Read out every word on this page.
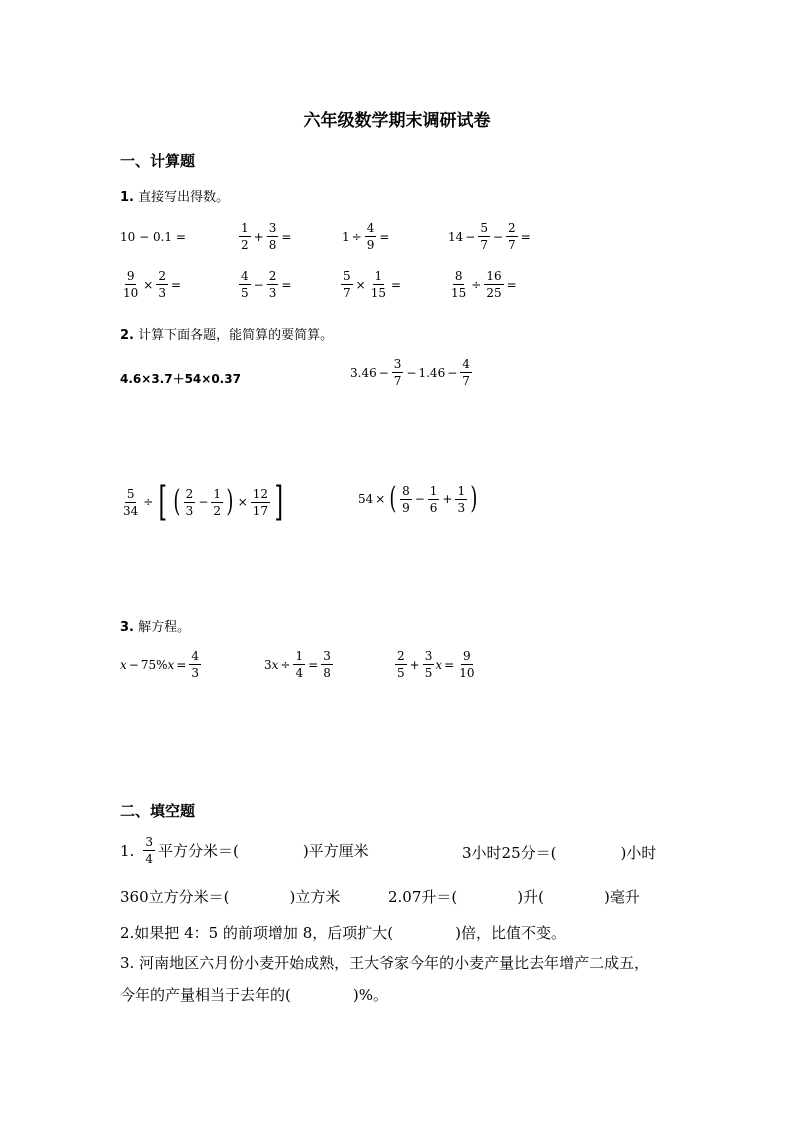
六年级数学期末调研试卷
一、计算题
1. 直接写出得数。
10 − 0.1 =	$\frac{1}{2} + \frac{3}{8}$ =	$1 \div \frac{4}{9}$ =	$14 - \frac{5}{7} - \frac{2}{7}$ =
$\frac{9}{10} \times \frac{2}{3}$ =	$\frac{4}{5} - \frac{2}{3}$ =	$\frac{5}{7} \times \frac{1}{15}$ =	$\frac{8}{15} \div \frac{16}{25}$ =
2. 计算下面各题，能简算的要简算。
4.6×3.7＋54×0.37	$3.46 - \frac{3}{7} - 1.46 - \frac{4}{7}$
$\frac{5}{34}$ ÷ [ ( $\frac{2}{3} - \frac{1}{2}$ ) × $\frac{12}{17}$ ]	54 × ( $\frac{8}{9} - \frac{1}{6} + \frac{1}{3}$ )
3. 解方程。
x − 75% $x = \frac{4}{3}$	3 $x \div \frac{1}{4} = \frac{3}{8}$	$\frac{2}{5} + \frac{3}{5}$ $x = \frac{9}{10}$
二、填空题
1. $\frac{3}{4}$ 平方分米＝(	)平方厘米	3小时25分＝(	)小时
360立方分米＝(	)立方米	2.07升＝(	)升(	)毫升
2.如果把 4：5 的前项增加 8，后项扩大(	)倍，比值不变。
3. 河南地区六月份小麦开始成熟，王大爷家今年的小麦产量比去年增产二成五，
今年的产量相当于去年的(	)%。
